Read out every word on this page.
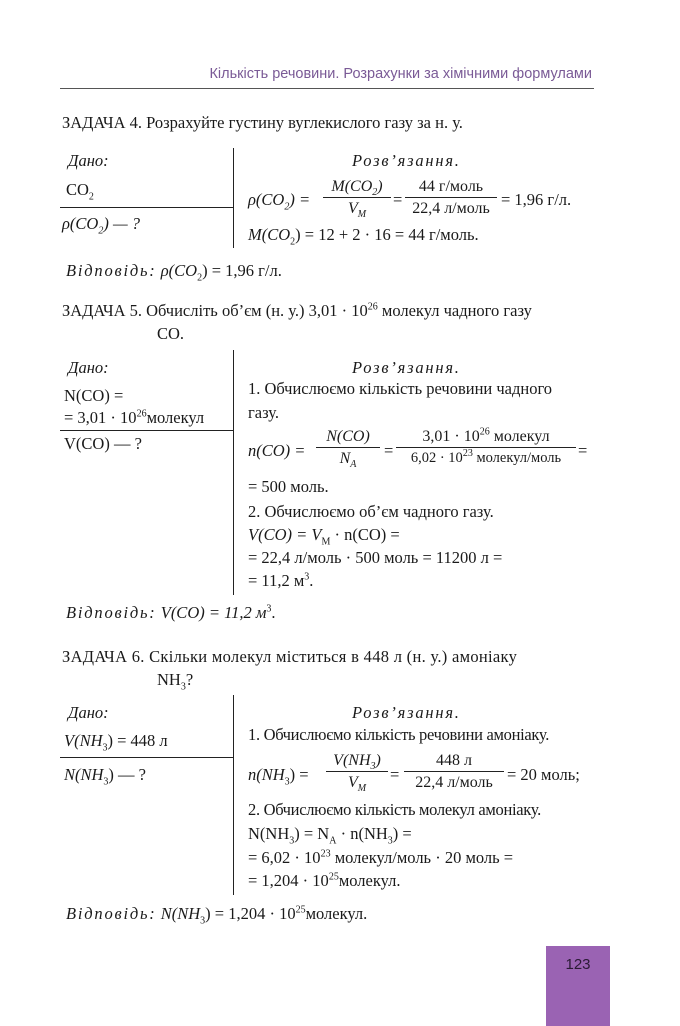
Кількість речовини. Розрахунки за хімічними формулами
ЗАДАЧА 4. Розрахуйте густину вуглекислого газу за н. у.
Дано:	Розв’язання.
$CO_2$
$\rho(CO_2)$ — ?
$\rho(CO_2)$ =
$M(CO_2)$
$V_М$
=
44 г/моль
22,4 л/моль = 1,96 г/л.
$M(CO_2) = 12 + 2 \cdot 16 = 44$ г/моль.
Відповідь: $\rho(CO_2) = 1,96$ г/л.
ЗАДАЧА 5. Обчисліть об’єм (н. у.) $3,01 \cdot 10^{26}$ молекул чадного газу
CO.
Дано:	Розв’язання.
N(CO) =
= $3,01 \cdot 10^{26}молекул$
V(CO) — ?
1. Обчислюємо кількість речовини чадного
газу.
n(CO) =
N(CO)
$N_А$
=
$3,01 \cdot 10^{26}$ молекул
$6,02 \cdot 10^{23}$ молекул/моль	=
= 500 моль.
2. Обчислюємо об’єм чадного газу.
$V(CO) = V_М \cdot n(CO)$ =
= 22,4 л/моль · 500 моль = 11200 л =
= 11,2 $м^3$.
Відповідь: V(CO) = 11,2 $м^3$.
ЗАДАЧА 6. Скільки молекул міститься в 448 л (н. у.) амоніаку
$NH_3$?
Дано:	Розв’язання.
$V(NH_3) = 448$ л
$N(NH_3)$ — ?
1. Обчислюємо кількість речовини амоніаку.
$n(NH_3)$ =
$V(NH_3)$
$V_М$
=
448 л
22,4 л/моль = 20 моль;
2. Обчислюємо кількість молекул амоніаку.
$N(NH_3) = N_А \cdot n(NH_3)$ =
= $6,02 \cdot 10^{23}$ молекул/моль · 20 моль =
= $1,204 \cdot 10^{25}молекул$.
Відповідь: $N(NH_3) = 1,204$ · $10^{25}молекул$.
123
